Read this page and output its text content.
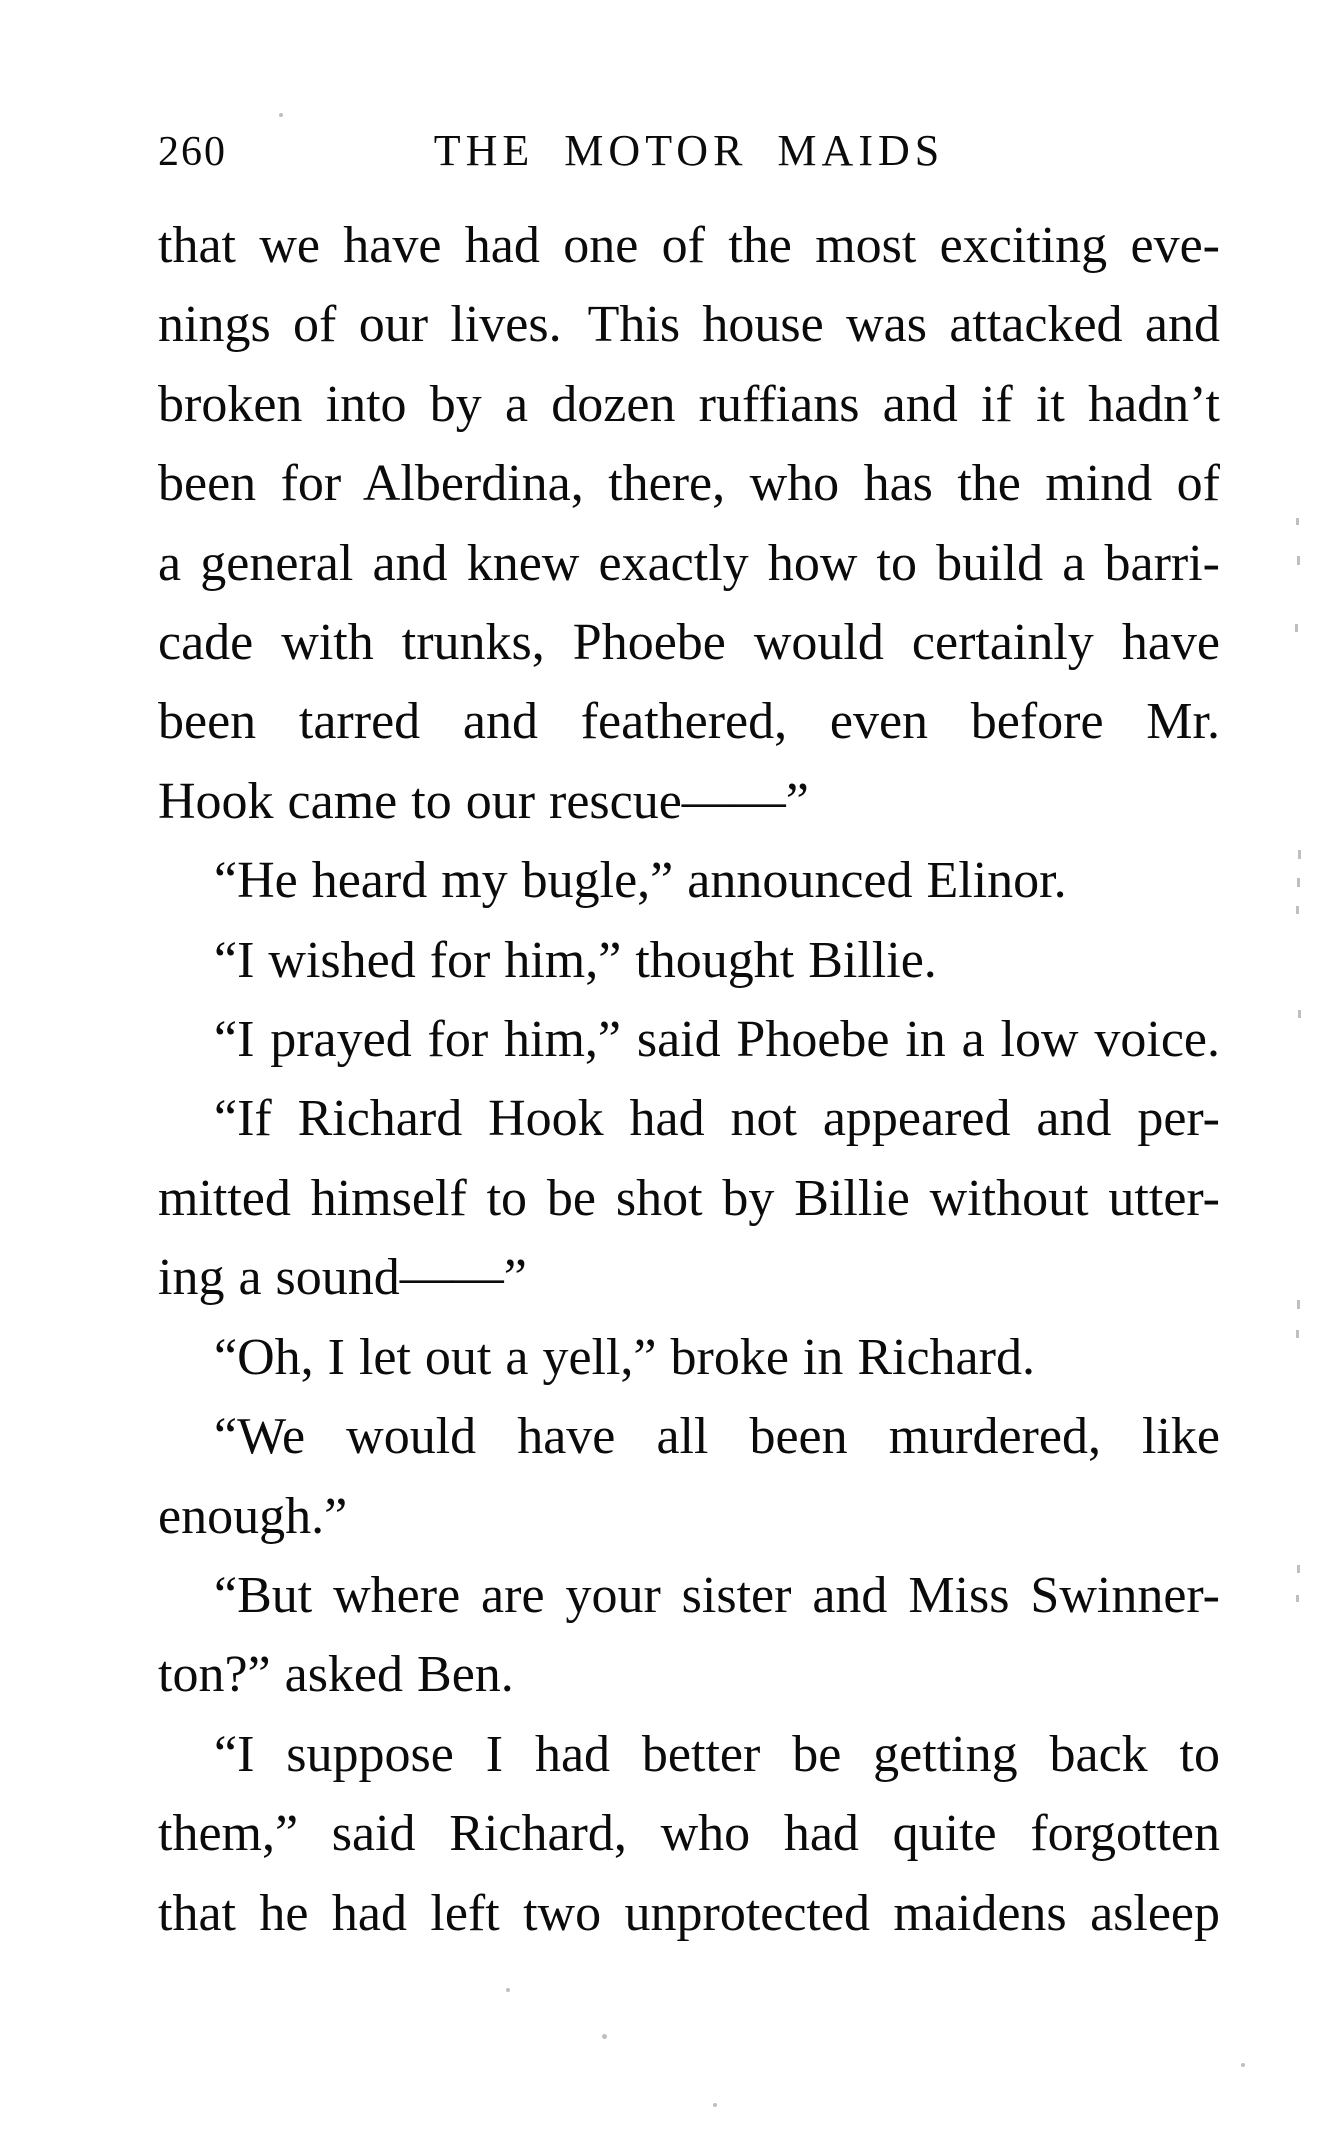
260	THE MOTOR MAIDS
that we have had one of the most exciting eve-
nings of our lives. This house was attacked and
broken into by a dozen ruffians and if it hadn’t
been for Alberdina, there, who has the mind of
a general and knew exactly how to build a barri-
cade with trunks, Phoebe would certainly have
been tarred and feathered, even before Mr.
Hook came to our rescue——”
“He heard my bugle,” announced Elinor.
“I wished for him,” thought Billie.
“I prayed for him,” said Phoebe in a low voice.
“If Richard Hook had not appeared and per-
mitted himself to be shot by Billie without utter-
ing a sound——”
“Oh, I let out a yell,” broke in Richard.
“We would have all been murdered, like
enough.”
“But where are your sister and Miss Swinner-
ton?” asked Ben.
“I suppose I had better be getting back to
them,” said Richard, who had quite forgotten
that he had left two unprotected maidens asleep
